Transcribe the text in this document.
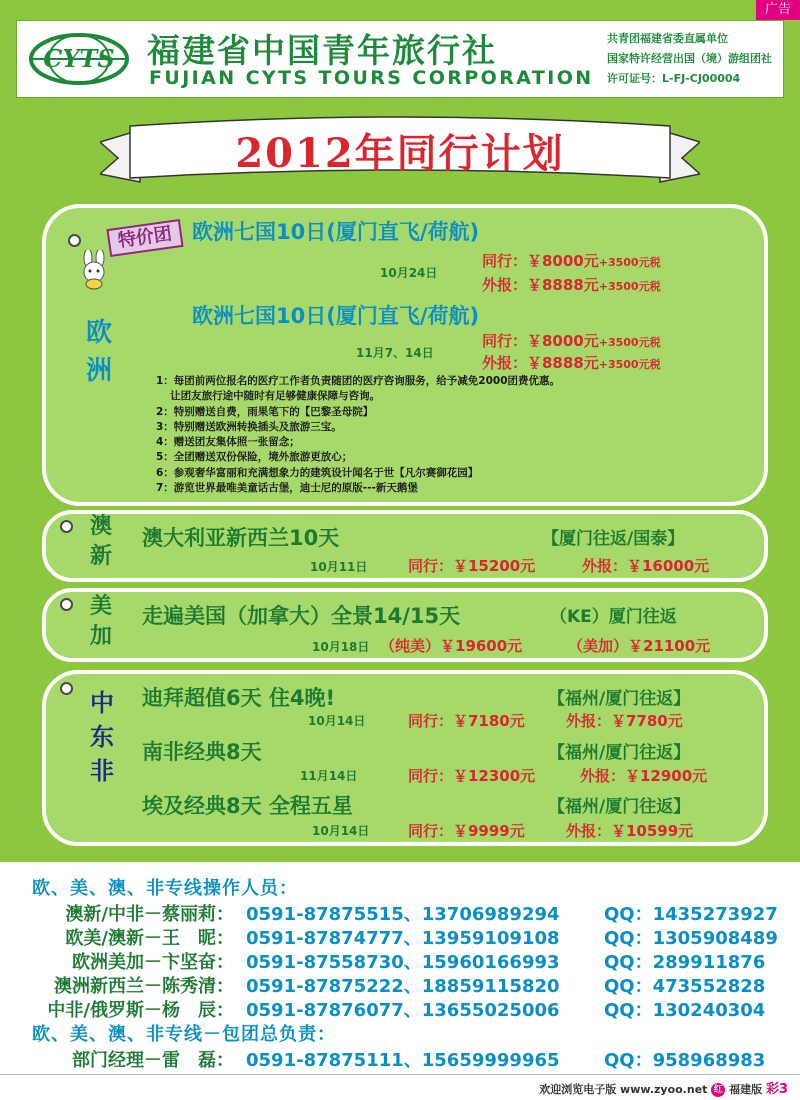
广告
CYTS 福建省中国青年旅行社
FUJIAN CYTS TOURS CORPORATION
共青团福建省委直属单位
国家特许经营出国（境）游组团社
许可证号：L-FJ-CJ00004
2012年同行计划
特价团
欧
洲
欧洲七国10日(厦门直飞/荷航)
10月24日
同行：￥8000元+3500元税
外报：￥8888元+3500元税
欧洲七国10日(厦门直飞/荷航)
11月7、14日
同行：￥8000元+3500元税
外报：￥8888元+3500元税
1：每团前两位报名的医疗工作者负责随团的医疗咨询服务，给予减免2000团费优惠。
　 让团友旅行途中随时有足够健康保障与咨询。
2：特别赠送自费，雨果笔下的【巴黎圣母院】
3：特别赠送欧洲转换插头及旅游三宝。
4：赠送团友集体照一张留念；
5：全团赠送双份保险，境外旅游更放心；
6：参观奢华富丽和充满想象力的建筑设计闻名于世【凡尔赛御花园】
7：游览世界最唯美童话古堡，迪士尼的原版---新天鹅堡
澳
新
澳大利亚新西兰10天	【厦门往返/国泰】
10月11日	同行：￥15200元	外报：￥16000元
美
加
走遍美国（加拿大）全景14/15天	（KE）厦门往返
10月18日 （纯美）￥19600元	（美加）￥21100元
中
东
非
迪拜超值6天 住4晚!	【福州/厦门往返】
10月14日	同行：￥7180元	外报：￥7780元
南非经典8天	【福州/厦门往返】
11月14日	同行：￥12300元	外报：￥12900元
埃及经典8天 全程五星	【福州/厦门往返】
10月14日	同行：￥9999元	外报：￥10599元
欧、美、澳、非专线操作人员：
澳新/中非－蔡丽莉： 0591-87875515、13706989294 QQ：1435273927
欧美/澳新－王　昵： 0591-87874777、13959109108 QQ：1305908489
欧洲美加－卞坚奋： 0591-87558730、15960166993 QQ：289911876
澳洲新西兰－陈秀清： 0591-87875222、18859115820 QQ：473552828
中非/俄罗斯－杨　辰： 0591-87876077、13655025006 QQ：130240304
欧、美、澳、非专线－包团总负责：
部门经理－雷　磊： 0591-87875111、15659999965 QQ：958968983
欢迎浏览电子版 www.zyoo.net 红 福建版 彩3
